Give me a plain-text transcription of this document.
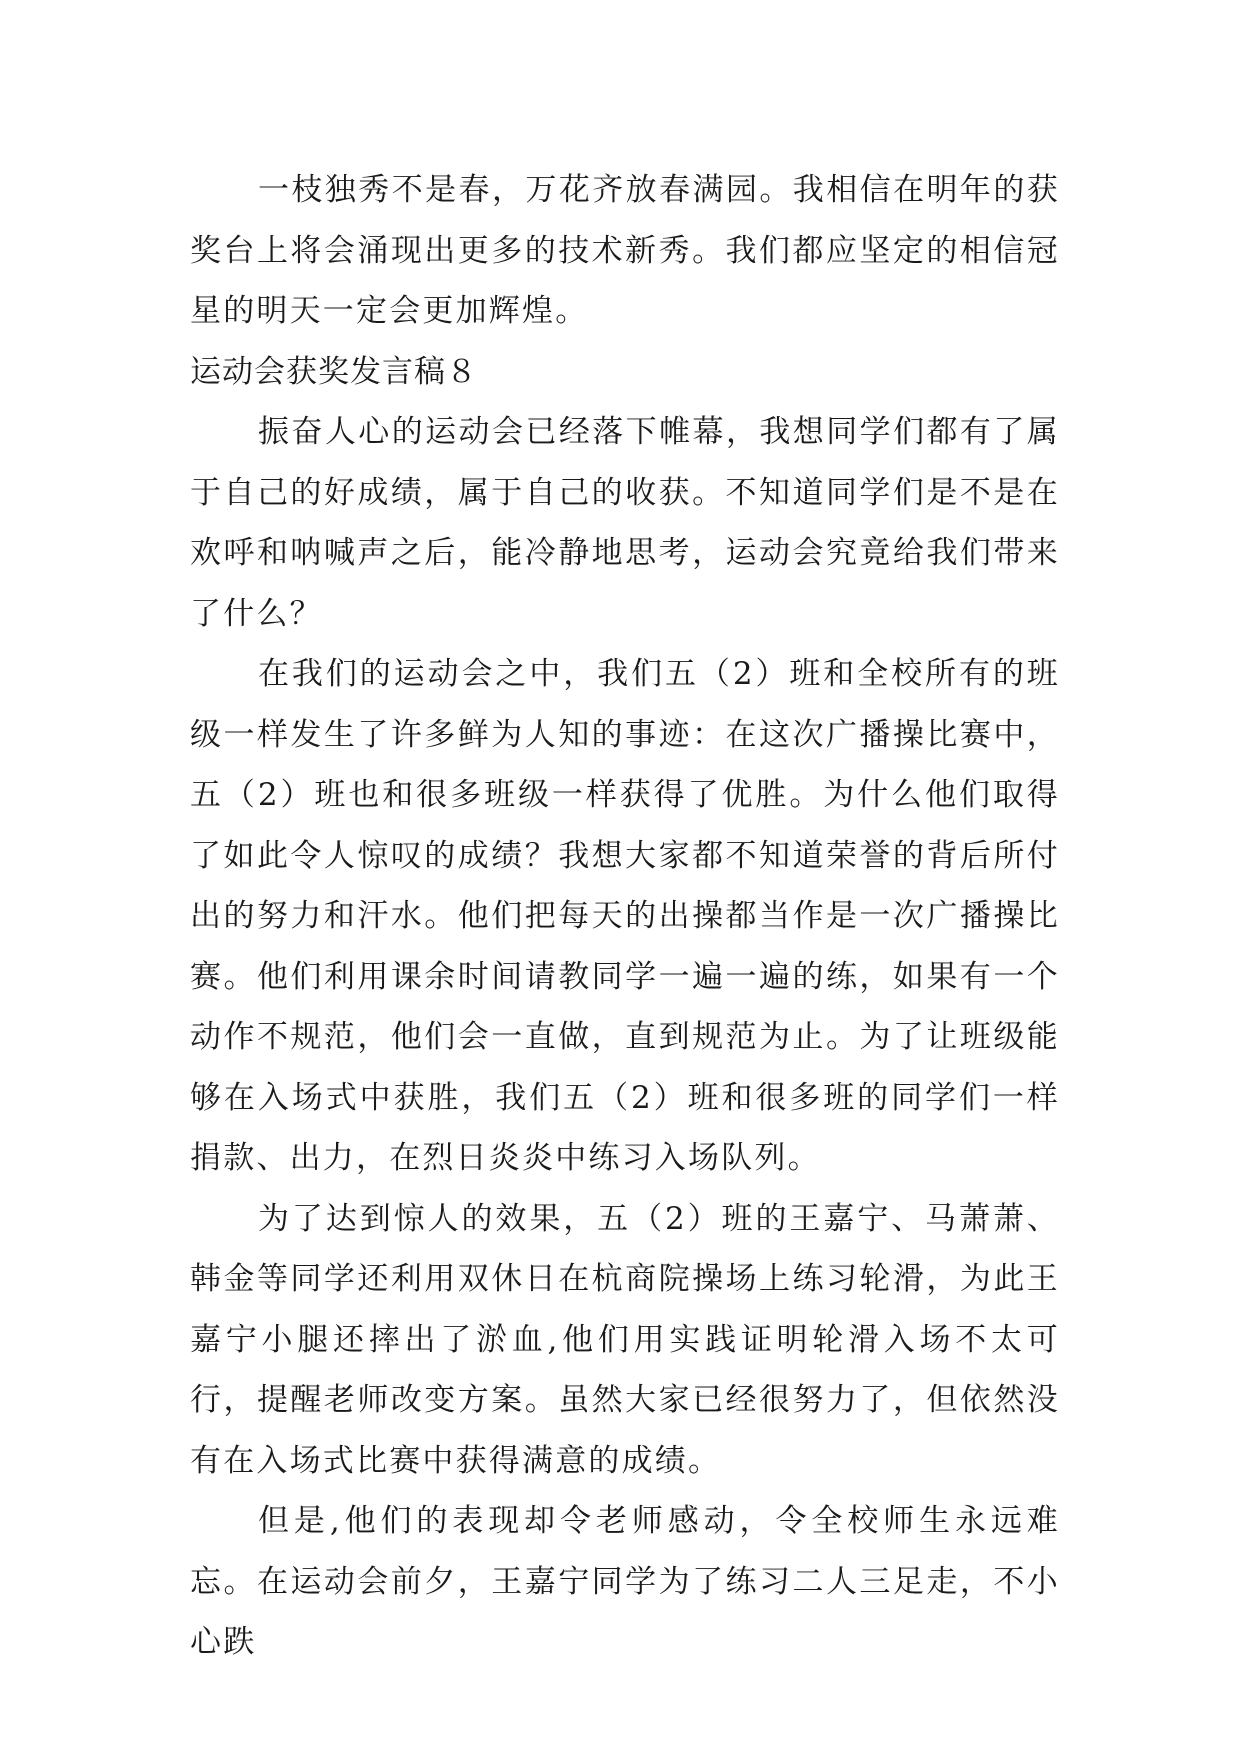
一枝独秀不是春，万花齐放春满园。我相信在明年的获奖台上将会涌现出更多的技术新秀。我们都应坚定的相信冠星的明天一定会更加辉煌。

运动会获奖发言稿８

振奋人心的运动会已经落下帷幕，我想同学们都有了属于自己的好成绩，属于自己的收获。不知道同学们是不是在欢呼和呐喊声之后，能冷静地思考，运动会究竟给我们带来了什么？

在我们的运动会之中，我们五（2）班和全校所有的班级一样发生了许多鲜为人知的事迹：在这次广播操比赛中，五（2）班也和很多班级一样获得了优胜。为什么他们取得了如此令人惊叹的成绩？我想大家都不知道荣誉的背后所付出的努力和汗水。他们把每天的出操都当作是一次广播操比赛。他们利用课余时间请教同学一遍一遍的练，如果有一个动作不规范，他们会一直做，直到规范为止。为了让班级能够在入场式中获胜，我们五（2）班和很多班的同学们一样捐款、出力，在烈日炎炎中练习入场队列。

为了达到惊人的效果，五（2）班的王嘉宁、马萧萧、韩金等同学还利用双休日在杭商院操场上练习轮滑，为此王嘉宁小腿还摔出了淤血,他们用实践证明轮滑入场不太可行，提醒老师改变方案。虽然大家已经很努力了，但依然没有在入场式比赛中获得满意的成绩。

但是,他们的表现却令老师感动，令全校师生永远难忘。在运动会前夕，王嘉宁同学为了练习二人三足走，不小心跌
